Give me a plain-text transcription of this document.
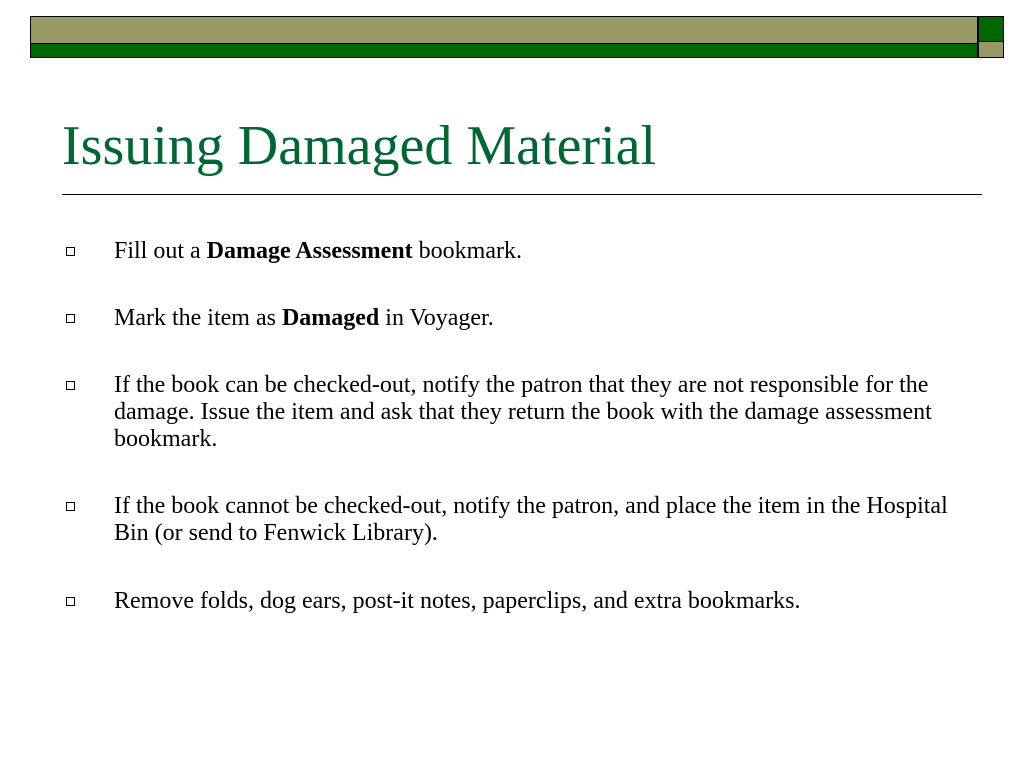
Issuing Damaged Material
Fill out a Damage Assessment bookmark.
Mark the item as Damaged in Voyager.
If the book can be checked-out, notify the patron that they are not responsible for the damage. Issue the item and ask that they return the book with the damage assessment bookmark.
If the book cannot be checked-out, notify the patron, and place the item in the Hospital Bin (or send to Fenwick Library).
Remove folds, dog ears, post-it notes, paperclips, and extra bookmarks.
